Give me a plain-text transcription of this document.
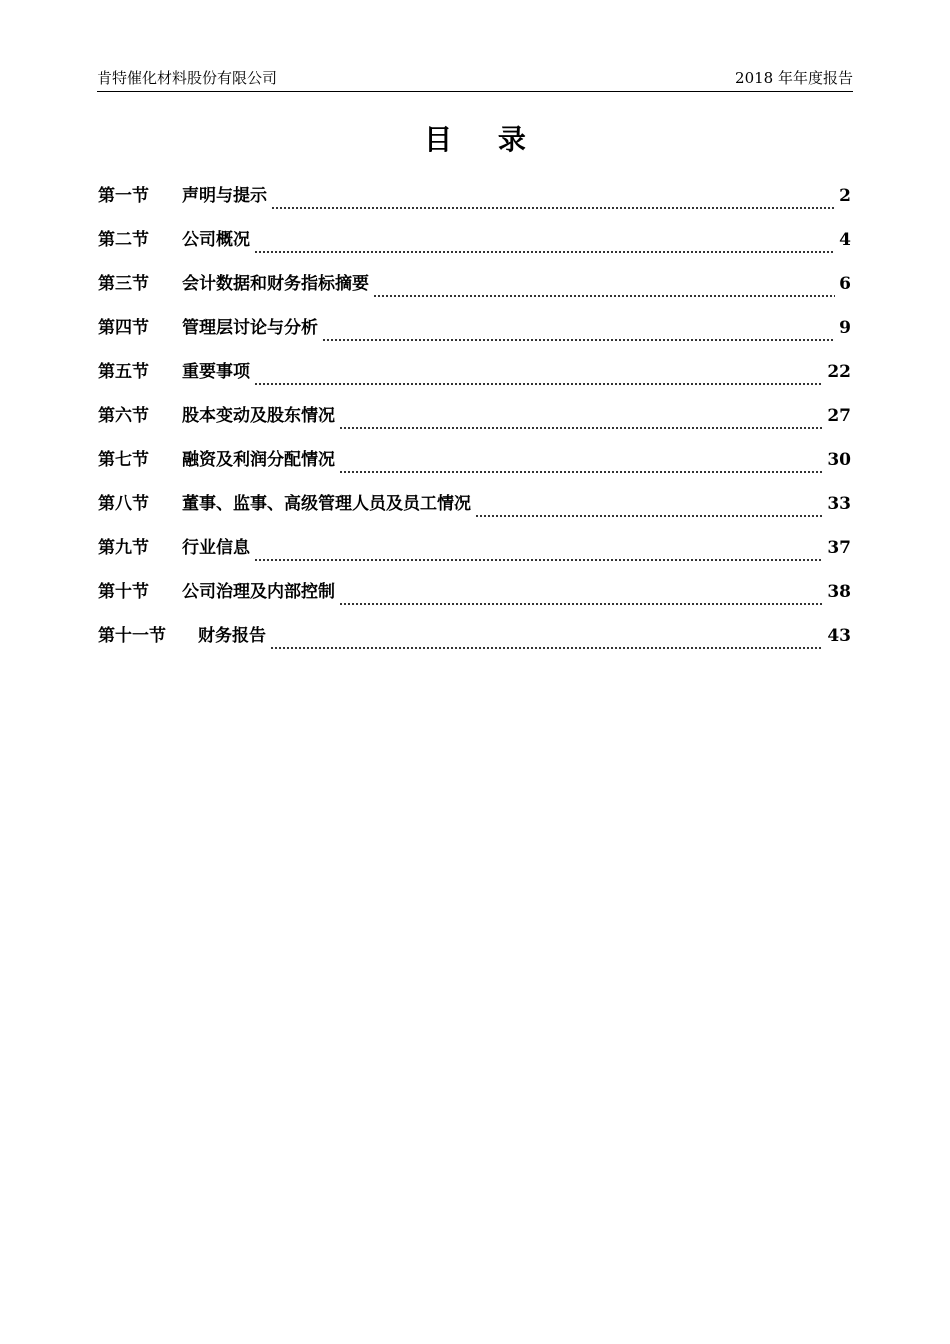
肯特催化材料股份有限公司	2018 年年度报告
目 录
第一节	声明与提示	2
第二节	公司概况	4
第三节	会计数据和财务指标摘要	6
第四节	管理层讨论与分析	9
第五节	重要事项	22
第六节	股本变动及股东情况	27
第七节	融资及利润分配情况	30
第八节	董事、监事、高级管理人员及员工情况	33
第九节	行业信息	37
第十节	公司治理及内部控制	38
第十一节	财务报告	43
